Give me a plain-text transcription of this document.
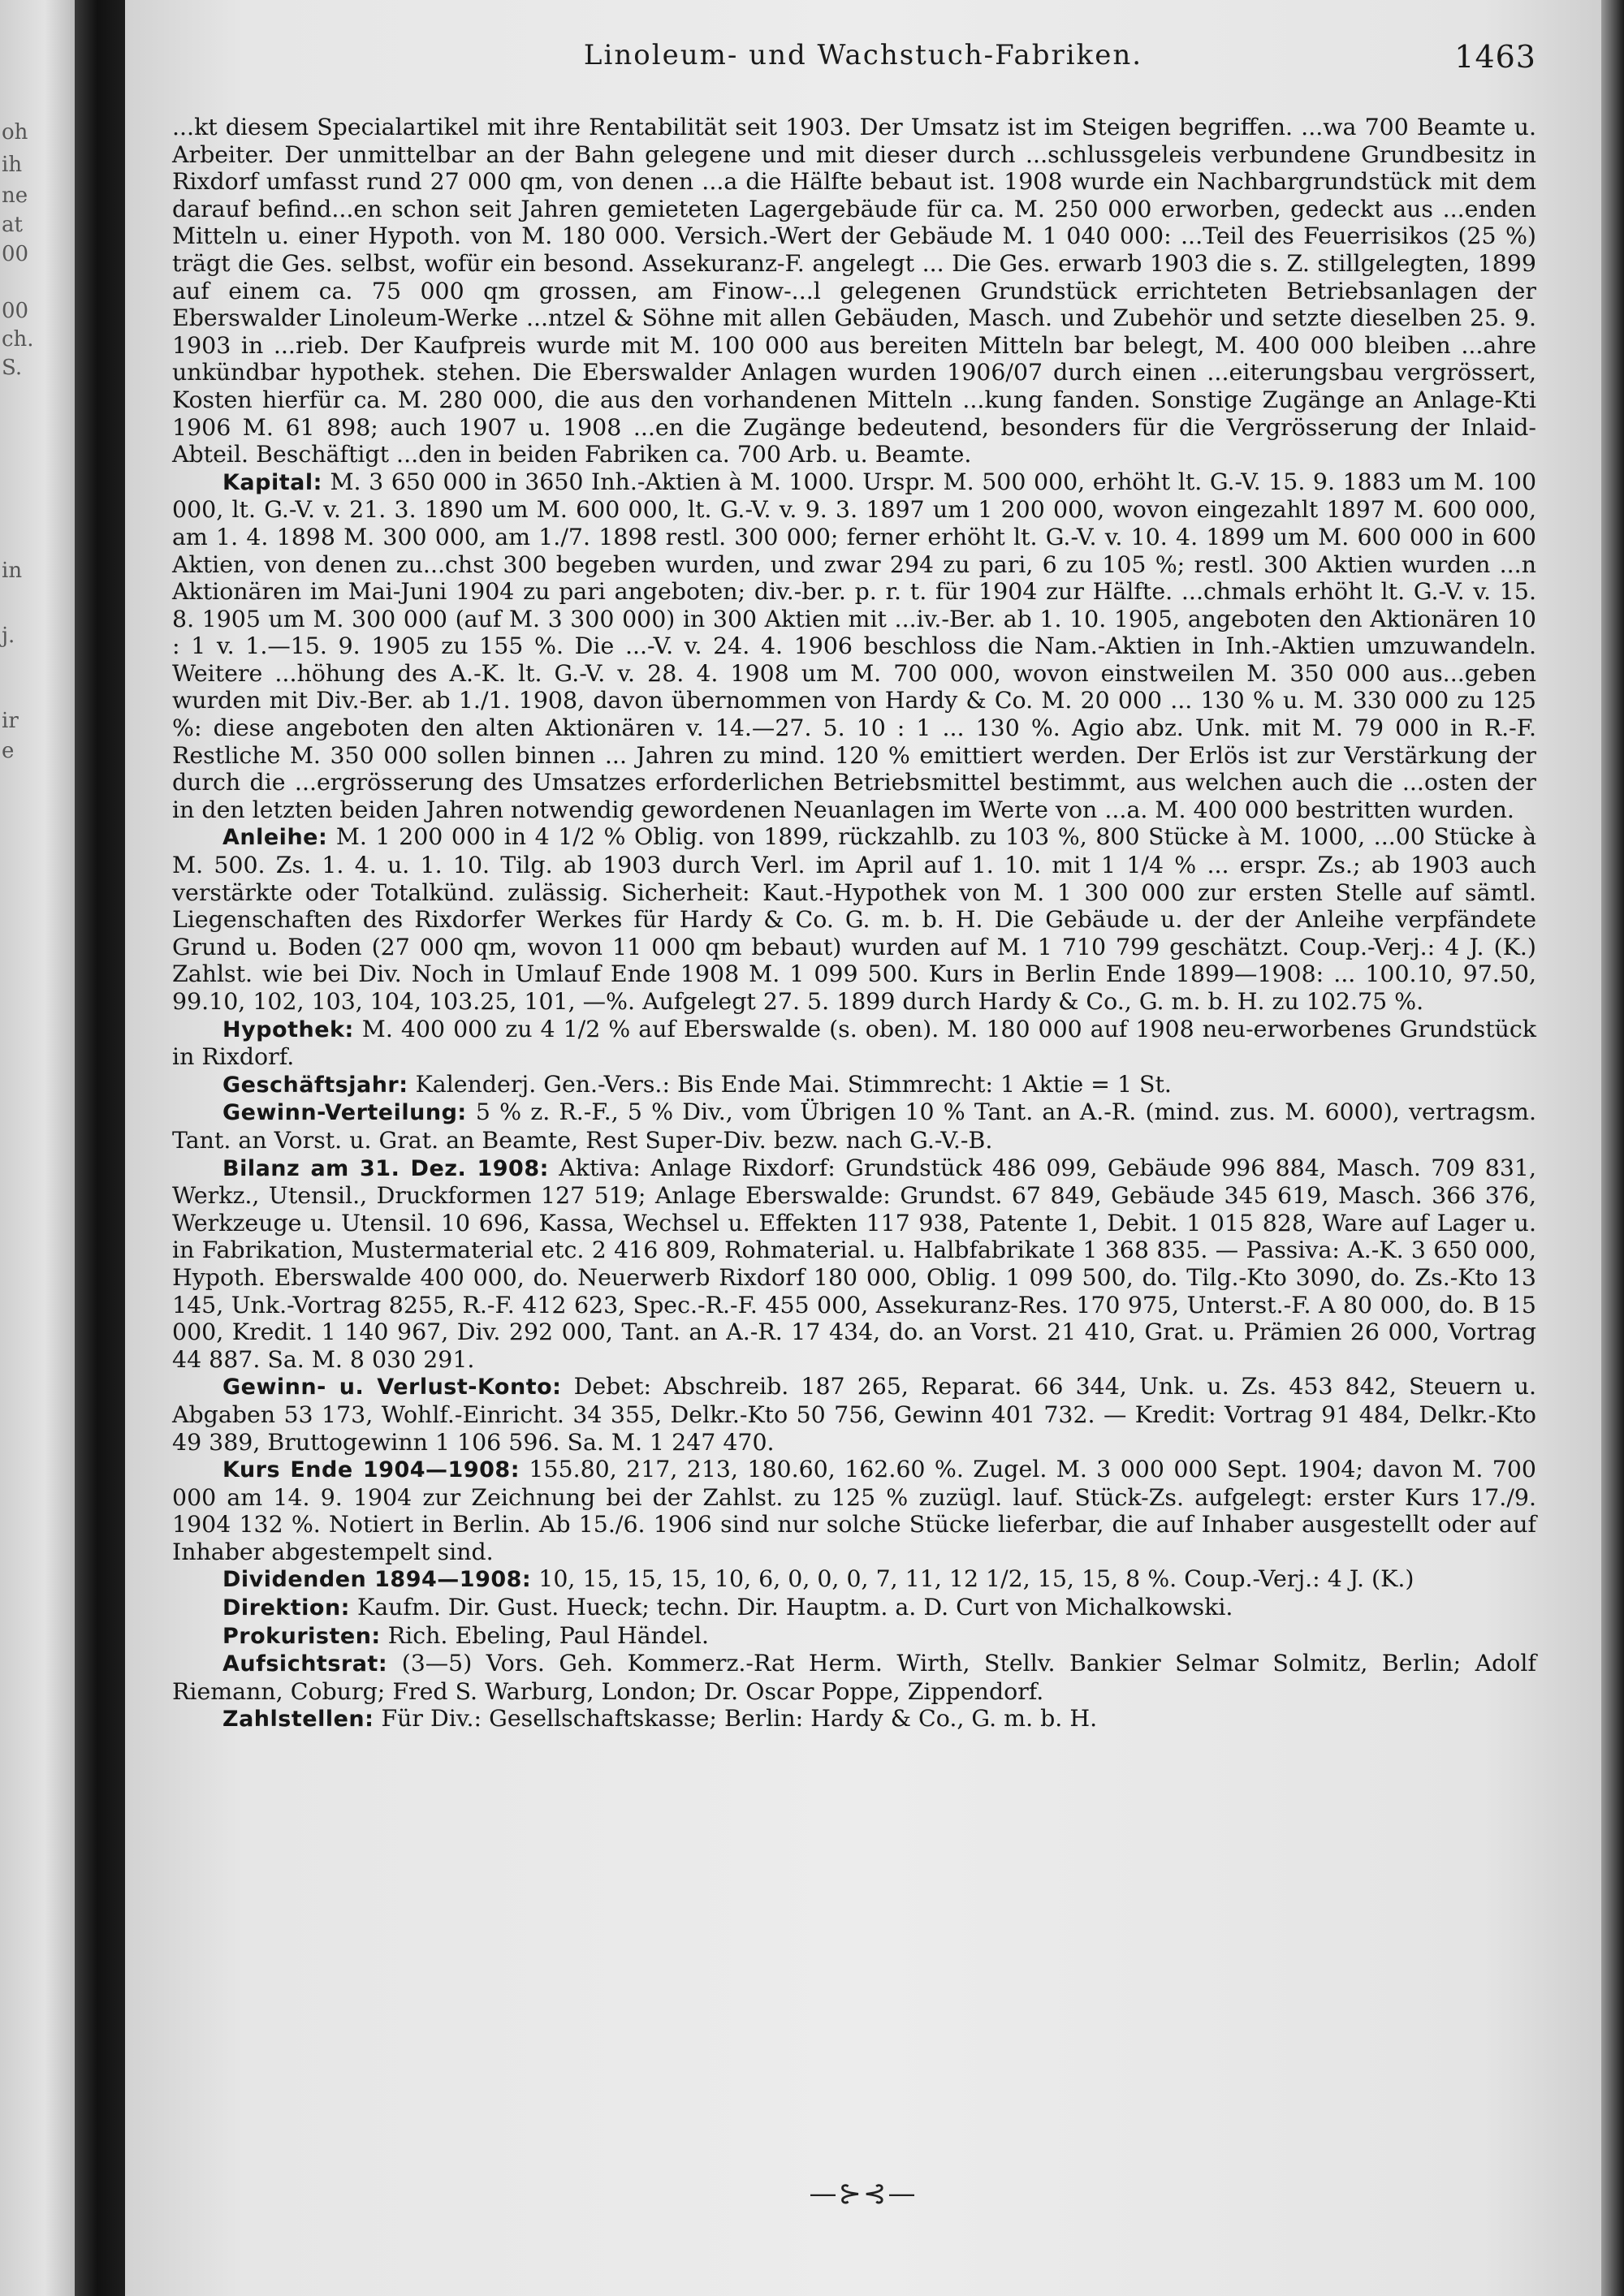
oh
ih
ne
at
00
00
ch.
S.
in
j.
ir
e
Linoleum- und Wachstuch-Fabriken.	1463

...kt diesem Specialartikel mit ihre Rentabilität seit 1903. Der Umsatz ist im Steigen begriffen. ...wa 700 Beamte u. Arbeiter. Der unmittelbar an der Bahn gelegene und mit dieser durch ...schlussgeleis verbundene Grundbesitz in Rixdorf umfasst rund 27 000 qm, von denen ...a die Hälfte bebaut ist. 1908 wurde ein Nachbargrundstück mit dem darauf befind...en schon seit Jahren gemieteten Lagergebäude für ca. M. 250 000 erworben, gedeckt aus ...enden Mitteln u. einer Hypoth. von M. 180 000. Versich.-Wert der Gebäude M. 1 040 000: ...Teil des Feuerrisikos (25 %) trägt die Ges. selbst, wofür ein besond. Assekuranz-F. angelegt ... Die Ges. erwarb 1903 die s. Z. stillgelegten, 1899 auf einem ca. 75 000 qm grossen, am Finow-...l gelegenen Grundstück errichteten Betriebsanlagen der Eberswalder Linoleum-Werke ...ntzel & Söhne mit allen Gebäuden, Masch. und Zubehör und setzte dieselben 25. 9. 1903 in ...rieb. Der Kaufpreis wurde mit M. 100 000 aus bereiten Mitteln bar belegt, M. 400 000 bleiben ...ahre unkündbar hypothek. stehen. Die Eberswalder Anlagen wurden 1906/07 durch einen ...eiterungsbau vergrössert, Kosten hierfür ca. M. 280 000, die aus den vorhandenen Mitteln ...kung fanden. Sonstige Zugänge an Anlage-Kti 1906 M. 61 898; auch 1907 u. 1908 ...en die Zugänge bedeutend, besonders für die Vergrösserung der Inlaid-Abteil. Beschäftigt ...den in beiden Fabriken ca. 700 Arb. u. Beamte.

Kapital: M. 3 650 000 in 3650 Inh.-Aktien à M. 1000. Urspr. M. 500 000, erhöht lt. G.-V. 15. 9. 1883 um M. 100 000, lt. G.-V. v. 21. 3. 1890 um M. 600 000, lt. G.-V. v. 9. 3. 1897 um 1 200 000, wovon eingezahlt 1897 M. 600 000, am 1. 4. 1898 M. 300 000, am 1./7. 1898 restl. 300 000; ferner erhöht lt. G.-V. v. 10. 4. 1899 um M. 600 000 in 600 Aktien, von denen zu...chst 300 begeben wurden, und zwar 294 zu pari, 6 zu 105 %; restl. 300 Aktien wurden ...n Aktionären im Mai-Juni 1904 zu pari angeboten; div.-ber. p. r. t. für 1904 zur Hälfte. ...chmals erhöht lt. G.-V. v. 15. 8. 1905 um M. 300 000 (auf M. 3 300 000) in 300 Aktien mit ...iv.-Ber. ab 1. 10. 1905, angeboten den Aktionären 10 : 1 v. 1.—15. 9. 1905 zu 155 %. Die ...-V. v. 24. 4. 1906 beschloss die Nam.-Aktien in Inh.-Aktien umzuwandeln. Weitere ...höhung des A.-K. lt. G.-V. v. 28. 4. 1908 um M. 700 000, wovon einstweilen M. 350 000 aus...geben wurden mit Div.-Ber. ab 1./1. 1908, davon übernommen von Hardy & Co. M. 20 000 ... 130 % u. M. 330 000 zu 125 %: diese angeboten den alten Aktionären v. 14.—27. 5. 10 : 1 ... 130 %. Agio abz. Unk. mit M. 79 000 in R.-F. Restliche M. 350 000 sollen binnen ... Jahren zu mind. 120 % emittiert werden. Der Erlös ist zur Verstärkung der durch die ...ergrösserung des Umsatzes erforderlichen Betriebsmittel bestimmt, aus welchen auch die ...osten der in den letzten beiden Jahren notwendig gewordenen Neuanlagen im Werte von ...a. M. 400 000 bestritten wurden.

Anleihe: M. 1 200 000 in 4 1/2 % Oblig. von 1899, rückzahlb. zu 103 %, 800 Stücke à M. 1000, ...00 Stücke à M. 500. Zs. 1. 4. u. 1. 10. Tilg. ab 1903 durch Verl. im April auf 1. 10. mit 1 1/4 % ... erspr. Zs.; ab 1903 auch verstärkte oder Totalkünd. zulässig. Sicherheit: Kaut.-Hypothek von M. 1 300 000 zur ersten Stelle auf sämtl. Liegenschaften des Rixdorfer Werkes für Hardy & Co. G. m. b. H. Die Gebäude u. der der Anleihe verpfändete Grund u. Boden (27 000 qm, wovon 11 000 qm bebaut) wurden auf M. 1 710 799 geschätzt. Coup.-Verj.: 4 J. (K.) Zahlst. wie bei Div. Noch in Umlauf Ende 1908 M. 1 099 500. Kurs in Berlin Ende 1899—1908: ... 100.10, 97.50, 99.10, 102, 103, 104, 103.25, 101, —%. Aufgelegt 27. 5. 1899 durch Hardy & Co., G. m. b. H. zu 102.75 %.

Hypothek: M. 400 000 zu 4 1/2 % auf Eberswalde (s. oben). M. 180 000 auf 1908 neu-erworbenes Grundstück in Rixdorf.

Geschäftsjahr: Kalenderj. Gen.-Vers.: Bis Ende Mai. Stimmrecht: 1 Aktie = 1 St.

Gewinn-Verteilung: 5 % z. R.-F., 5 % Div., vom Übrigen 10 % Tant. an A.-R. (mind. zus. M. 6000), vertragsm. Tant. an Vorst. u. Grat. an Beamte, Rest Super-Div. bezw. nach G.-V.-B.

Bilanz am 31. Dez. 1908: Aktiva: Anlage Rixdorf: Grundstück 486 099, Gebäude 996 884, Masch. 709 831, Werkz., Utensil., Druckformen 127 519; Anlage Eberswalde: Grundst. 67 849, Gebäude 345 619, Masch. 366 376, Werkzeuge u. Utensil. 10 696, Kassa, Wechsel u. Effekten 117 938, Patente 1, Debit. 1 015 828, Ware auf Lager u. in Fabrikation, Mustermaterial etc. 2 416 809, Rohmaterial. u. Halbfabrikate 1 368 835. — Passiva: A.-K. 3 650 000, Hypoth. Eberswalde 400 000, do. Neuerwerb Rixdorf 180 000, Oblig. 1 099 500, do. Tilg.-Kto 3090, do. Zs.-Kto 13 145, Unk.-Vortrag 8255, R.-F. 412 623, Spec.-R.-F. 455 000, Assekuranz-Res. 170 975, Unterst.-F. A 80 000, do. B 15 000, Kredit. 1 140 967, Div. 292 000, Tant. an A.-R. 17 434, do. an Vorst. 21 410, Grat. u. Prämien 26 000, Vortrag 44 887. Sa. M. 8 030 291.

Gewinn- u. Verlust-Konto: Debet: Abschreib. 187 265, Reparat. 66 344, Unk. u. Zs. 453 842, Steuern u. Abgaben 53 173, Wohlf.-Einricht. 34 355, Delkr.-Kto 50 756, Gewinn 401 732. — Kredit: Vortrag 91 484, Delkr.-Kto 49 389, Bruttogewinn 1 106 596. Sa. M. 1 247 470.

Kurs Ende 1904—1908: 155.80, 217, 213, 180.60, 162.60 %. Zugel. M. 3 000 000 Sept. 1904; davon M. 700 000 am 14. 9. 1904 zur Zeichnung bei der Zahlst. zu 125 % zuzügl. lauf. Stück-Zs. aufgelegt: erster Kurs 17./9. 1904 132 %. Notiert in Berlin. Ab 15./6. 1906 sind nur solche Stücke lieferbar, die auf Inhaber ausgestellt oder auf Inhaber abgestempelt sind.

Dividenden 1894—1908: 10, 15, 15, 15, 10, 6, 0, 0, 0, 7, 11, 12 1/2, 15, 15, 8 %. Coup.-Verj.: 4 J. (K.)

Direktion: Kaufm. Dir. Gust. Hueck; techn. Dir. Hauptm. a. D. Curt von Michalkowski.

Prokuristen: Rich. Ebeling, Paul Händel.

Aufsichtsrat: (3—5) Vors. Geh. Kommerz.-Rat Herm. Wirth, Stellv. Bankier Selmar Solmitz, Berlin; Adolf Riemann, Coburg; Fred S. Warburg, London; Dr. Oscar Poppe, Zippendorf.

Zahlstellen: Für Div.: Gesellschaftskasse; Berlin: Hardy & Co., G. m. b. H.

—⊱⊰—
